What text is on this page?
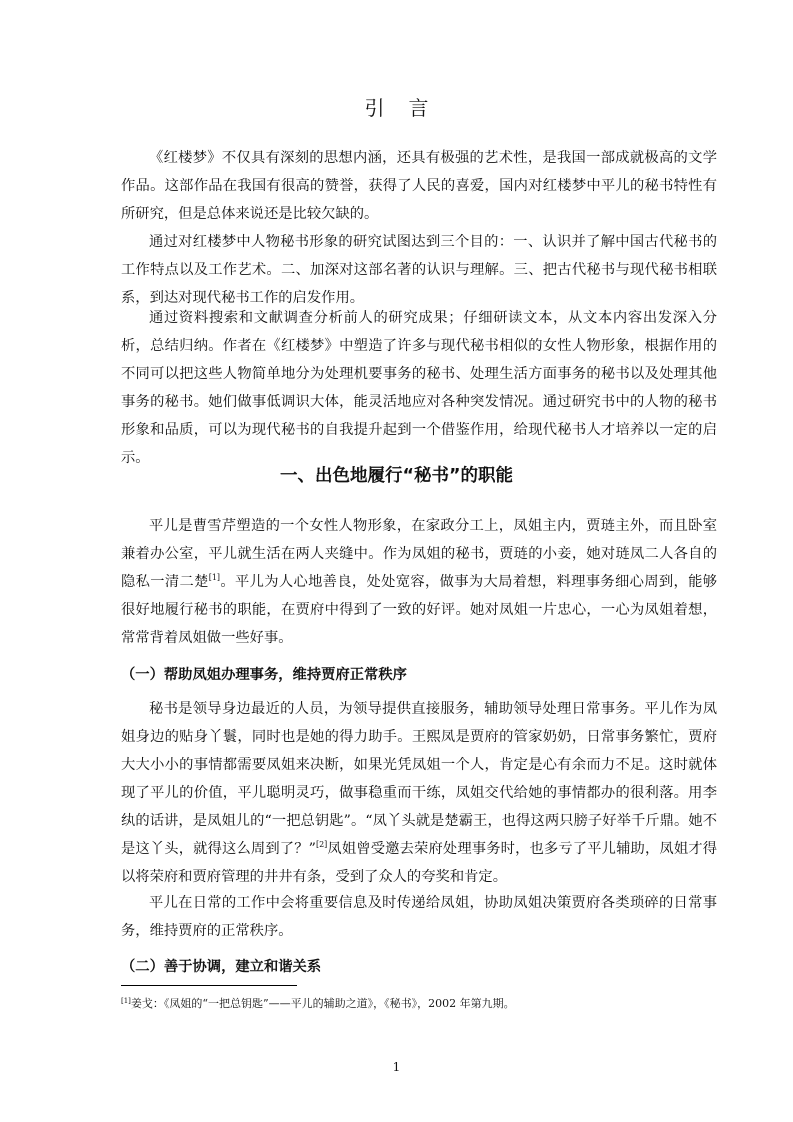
引言

《红楼梦》不仅具有深刻的思想内涵，还具有极强的艺术性，是我国一部成就极高的文学作品。这部作品在我国有很高的赞誉，获得了人民的喜爱，国内对红楼梦中平儿的秘书特性有所研究，但是总体来说还是比较欠缺的。

通过对红楼梦中人物秘书形象的研究试图达到三个目的：一、认识并了解中国古代秘书的工作特点以及工作艺术。二、加深对这部名著的认识与理解。三、把古代秘书与现代秘书相联系，到达对现代秘书工作的启发作用。

通过资料搜索和文献调查分析前人的研究成果；仔细研读文本，从文本内容出发深入分析，总结归纳。作者在《红楼梦》中塑造了许多与现代秘书相似的女性人物形象，根据作用的不同可以把这些人物简单地分为处理机要事务的秘书、处理生活方面事务的秘书以及处理其他事务的秘书。她们做事低调识大体，能灵活地应对各种突发情况。通过研究书中的人物的秘书形象和品质，可以为现代秘书的自我提升起到一个借鉴作用，给现代秘书人才培养以一定的启示。

一、出色地履行“秘书”的职能

平儿是曹雪芹塑造的一个女性人物形象，在家政分工上，凤姐主内，贾琏主外，而且卧室兼着办公室，平儿就生活在两人夹缝中。作为凤姐的秘书，贾琏的小妾，她对琏凤二人各自的隐私一清二楚[1]。平儿为人心地善良，处处宽容，做事为大局着想，料理事务细心周到，能够很好地履行秘书的职能，在贾府中得到了一致的好评。她对凤姐一片忠心，一心为凤姐着想，常常背着凤姐做一些好事。

（一）帮助凤姐办理事务，维持贾府正常秩序

秘书是领导身边最近的人员，为领导提供直接服务，辅助领导处理日常事务。平儿作为凤姐身边的贴身丫鬟，同时也是她的得力助手。王熙凤是贾府的管家奶奶，日常事务繁忙，贾府大大小小的事情都需要凤姐来决断，如果光凭凤姐一个人，肯定是心有余而力不足。这时就体现了平儿的价值，平儿聪明灵巧，做事稳重而干练，凤姐交代给她的事情都办的很利落。用李纨的话讲，是凤姐儿的“一把总钥匙”。“凤丫头就是楚霸王，也得这两只膀子好举千斤鼎。她不是这丫头，就得这么周到了？”[2]凤姐曾受邀去荣府处理事务时，也多亏了平儿辅助，凤姐才得以将荣府和贾府管理的井井有条，受到了众人的夸奖和肯定。

平儿在日常的工作中会将重要信息及时传递给凤姐，协助凤姐决策贾府各类琐碎的日常事务，维持贾府的正常秩序。

（二）善于协调，建立和谐关系
[1]姜戈：《凤姐的“一把总钥匙”——平儿的辅助之道》，《秘书》，2002 年第九期。
1
